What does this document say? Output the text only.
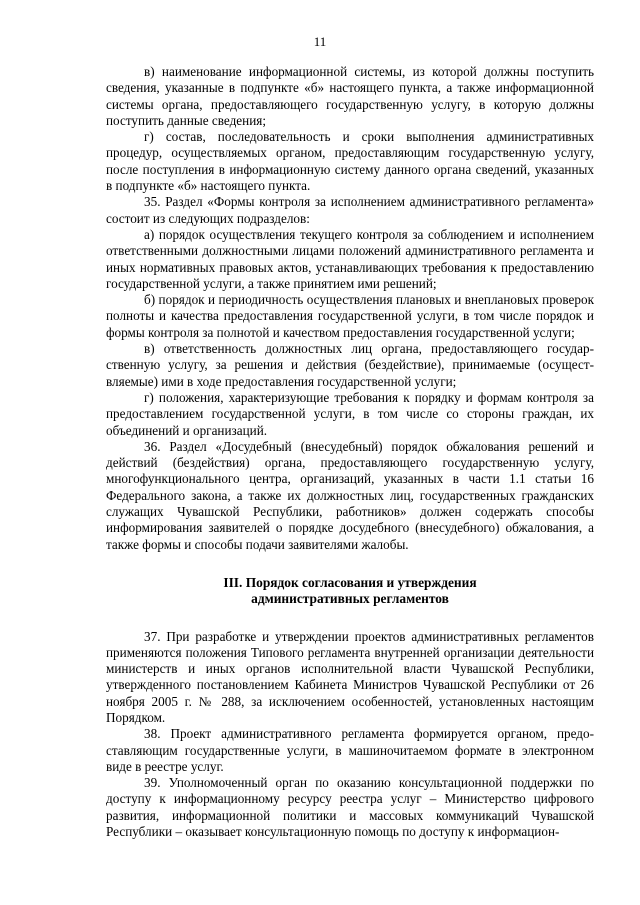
11

в) наименование информационной системы, из которой должны поступить сведения, указанные в подпункте «б» настоящего пункта, а также информационной системы органа, предоставляющего государственную услугу, в которую должны поступить данные сведения;

г) состав, последовательность и сроки выполнения административных процедур, осуществляемых органом, предоставляющим государственную услугу, после поступления в информационную систему данного органа сведений, указанных в подпункте «б» настоящего пункта.

35. Раздел «Формы контроля за исполнением административного регламента» состоит из следующих подразделов:

а) порядок осуществления текущего контроля за соблюдением и исполнением ответственными должностными лицами положений административного регламента и иных нормативных правовых актов, устанавливающих требования к предоставлению государственной услуги, а также принятием ими решений;

б) порядок и периодичность осуществления плановых и внеплановых проверок полноты и качества предоставления государственной услуги, в том числе порядок и формы контроля за полнотой и качеством предоставления государственной услуги;

в) ответственность должностных лиц органа, предоставляющего государственную услугу, за решения и действия (бездействие), принимаемые (осуществляемые) ими в ходе предоставления государственной услуги;

г) положения, характеризующие требования к порядку и формам контроля за предоставлением государственной услуги, в том числе со стороны граждан, их объединений и организаций.

36. Раздел «Досудебный (внесудебный) порядок обжалования решений и действий (бездействия) органа, предоставляющего государственную услугу, многофункционального центра, организаций, указанных в части 1.1 статьи 16 Федерального закона, а также их должностных лиц, государственных гражданских служащих Чувашской Республики, работников» должен содержать способы информирования заявителей о порядке досудебного (внесудебного) обжалования, а также формы и способы подачи заявителями жалобы.

III. Порядок согласования и утверждения
административных регламентов

37. При разработке и утверждении проектов административных регламентов применяются положения Типового регламента внутренней организации деятельности министерств и иных органов исполнительной власти Чувашской Республики, утвержденного постановлением Кабинета Министров Чувашской Республики от 26 ноября 2005 г. № 288, за исключением особенностей, установленных настоящим Порядком.

38. Проект административного регламента формируется органом, предоставляющим государственные услуги, в машиночитаемом формате в электронном виде в реестре услуг.

39. Уполномоченный орган по оказанию консультационной поддержки по доступу к информационному ресурсу реестра услуг – Министерство цифрового развития, информационной политики и массовых коммуникаций Чувашской Республики – оказывает консультационную помощь по доступу к информацион-
